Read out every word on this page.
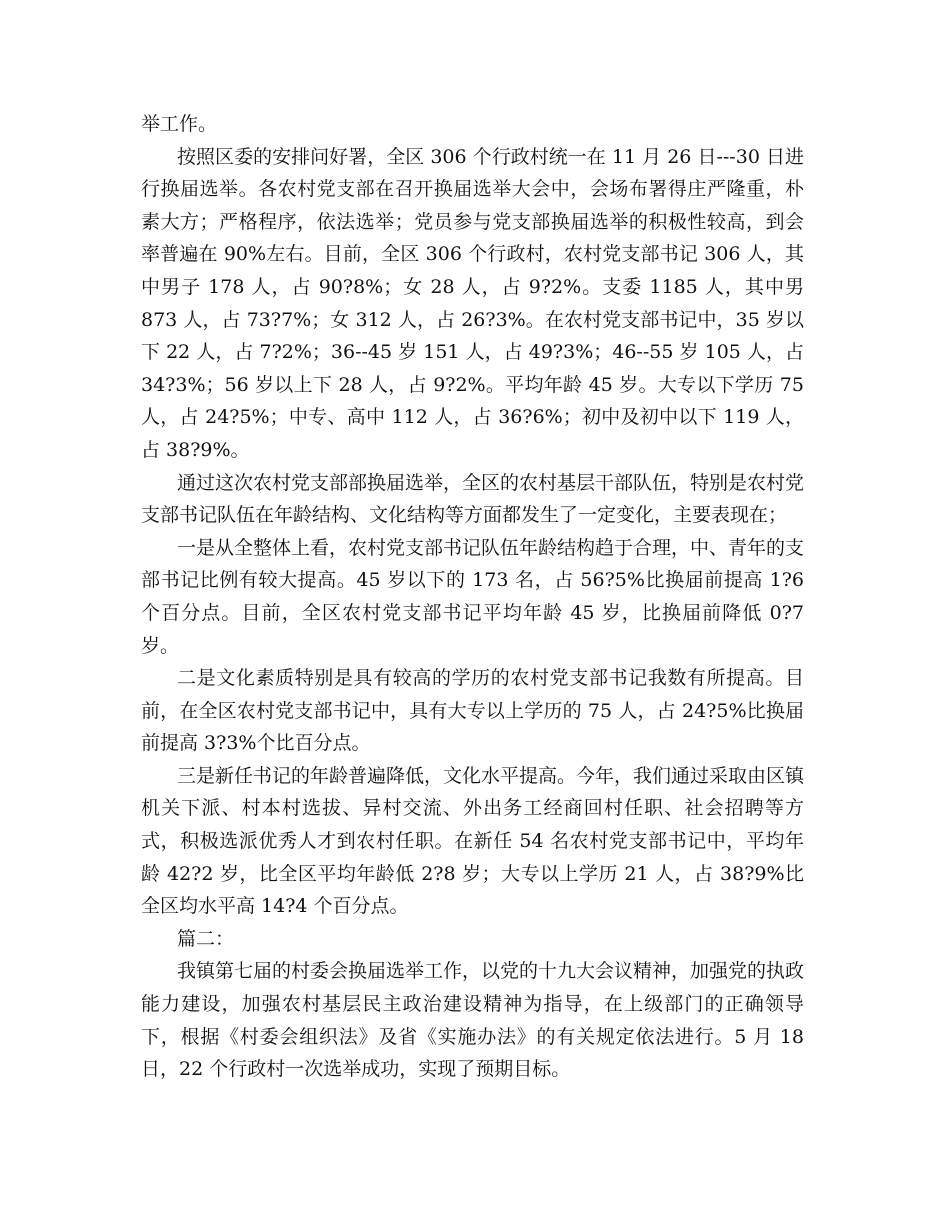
举工作。

按照区委的安排问好署，全区 306 个行政村统一在 11 月 26 日---30 日进行换届选举。各农村党支部在召开换届选举大会中，会场布署得庄严隆重，朴素大方；严格程序，依法选举；党员参与党支部换届选举的积极性较高，到会率普遍在 90%左右。目前，全区 306 个行政村，农村党支部书记 306 人，其中男子 178 人，占 90?8%；女 28 人，占 9?2%。支委 1185 人，其中男 873 人，占 73?7%；女 312 人，占 26?3%。在农村党支部书记中，35 岁以下 22 人，占 7?2%；36--45 岁 151 人，占 49?3%；46--55 岁 105 人，占 34?3%；56 岁以上下 28 人，占 9?2%。平均年龄 45 岁。大专以下学历 75 人，占 24?5%；中专、高中 112 人，占 36?6%；初中及初中以下 119 人，占 38?9%。

通过这次农村党支部部换届选举，全区的农村基层干部队伍，特别是农村党支部书记队伍在年龄结构、文化结构等方面都发生了一定变化，主要表现在；

一是从全整体上看，农村党支部书记队伍年龄结构趋于合理，中、青年的支部书记比例有较大提高。45 岁以下的 173 名，占 56?5%比换届前提高 1?6 个百分点。目前，全区农村党支部书记平均年龄 45 岁，比换届前降低 0?7 岁。

二是文化素质特别是具有较高的学历的农村党支部书记我数有所提高。目前，在全区农村党支部书记中，具有大专以上学历的 75 人，占 24?5%比换届前提高 3?3%个比百分点。

三是新任书记的年龄普遍降低，文化水平提高。今年，我们通过采取由区镇机关下派、村本村选拔、异村交流、外出务工经商回村任职、社会招聘等方式，积极选派优秀人才到农村任职。在新任 54 名农村党支部书记中，平均年龄 42?2 岁，比全区平均年龄低 2?8 岁；大专以上学历 21 人，占 38?9%比全区均水平高 14?4 个百分点。

篇二：

我镇第七届的村委会换届选举工作，以党的十九大会议精神，加强党的执政能力建设，加强农村基层民主政治建设精神为指导，在上级部门的正确领导下，根据《村委会组织法》及省《实施办法》的有关规定依法进行。5 月 18 日，22 个行政村一次选举成功，实现了预期目标。
